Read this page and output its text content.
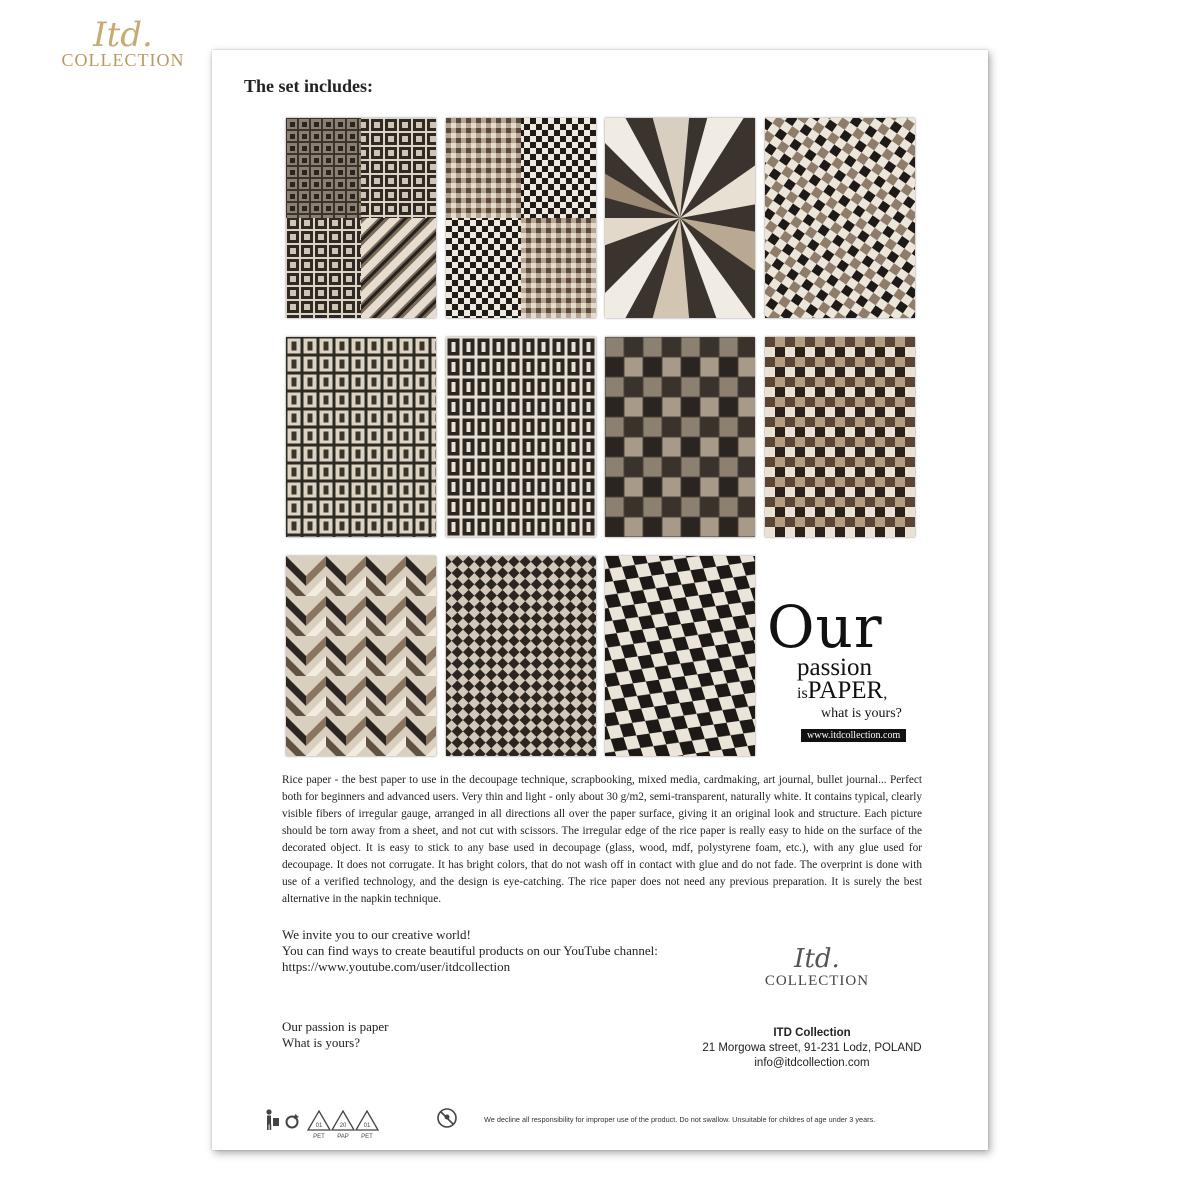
Itd.
COLLECTION
The set includes:
Our
passion
isPAPER,
what is yours?
www.itdcollection.com
Rice paper - the best paper to use in the decoupage technique, scrapbooking, mixed media, cardmaking, art journal, bullet journal... Perfect both for beginners and advanced users. Very thin and light - only about 30 g/m2, semi-transparent, naturally white. It contains typical, clearly visible fibers of irregular gauge, arranged in all directions all over the paper surface, giving it an original look and structure. Each picture should be torn away from a sheet, and not cut with scissors. The irregular edge of the rice paper is really easy to hide on the surface of the decorated object. It is easy to stick to any base used in decoupage (glass, wood, mdf, polystyrene foam, etc.), with any glue used for decoupage. It does not corrugate. It has bright colors, that do not wash off in contact with glue and do not fade. The overprint is done with use of a verified technology, and the design is eye-catching. The rice paper does not need any previous preparation. It is surely the best alternative in the napkin technique.
We invite you to our creative world!
You can find ways to create beautiful products on our YouTube channel:
https://www.youtube.com/user/itdcollection	Itd.
COLLECTION
Our passion is paper
What is yours?
ITD Collection
21 Morgowa street, 91-231 Lodz, POLAND
info@itdcollection.com
01	20	01
PET PAP PET
We decline all responsibility for improper use of the product. Do not swallow. Unsuitable for childres of age under 3 years.
